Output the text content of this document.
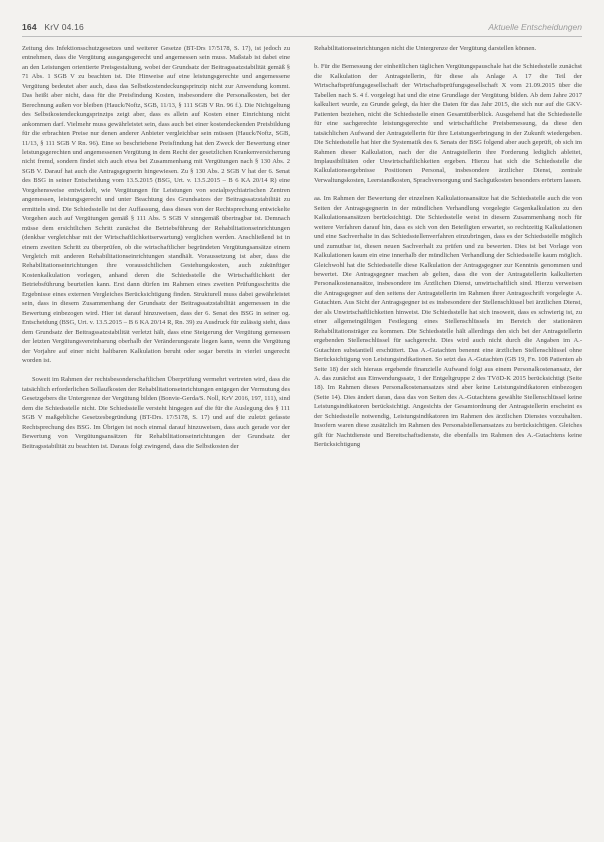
164 KrV 04.16	Aktuelle Entscheidungen

Zeitung des Infektionsschutzgesetzes und weiterer Gesetze (BT-Drs 17/5178, S. 17), ist jedoch zu entnehmen, dass die Vergütung ausgangsgerecht und angemessen sein muss. Maßstab ist dabei eine an den Leistungen orientierte Preisgestaltung, wobei der Grundsatz der Beitragssatzstabilität gemäß § 71 Abs. 1 SGB V zu beachten ist. Die Hinweise auf eine leistungsgerechte und angemessene Vergütung bedeutet aber auch, dass das Selbstkostendeckungsprinzip nicht zur Anwendung kommt. Das heißt aber nicht, dass für die Preisfindung Kosten, insbesondere die Personalkosten, bei der Berechnung außen vor bleiben (Hauck/Noftz, SGB, 11/13, § 111 SGB V Rn. 96 f.). Die Nichtgeltung des Selbstkostendeckungsprinzips zeigt aber, dass es allein auf Kosten einer Einrichtung nicht ankommen darf. Vielmehr muss gewährleistet sein, dass auch bei einer kostendeckenden Preisbildung für die erbrachten Preise nur denen anderer Anbieter vergleichbar sein müssen (Hauck/Noftz, SGB, 11/13, § 111 SGB V Rn. 96). Eine so beschriebene Preisfindung hat den Zweck der Bewertung einer leistungsgerechten und angemessenen Vergütung in dem Recht der gesetzlichen Krankenversicherung nicht fremd, sondern findet sich auch etwa bei Zusammenhang mit Vergütungen nach § 130 Abs. 2 SGB V. Darauf hat auch die Antragsgegnerin hingewiesen. Zu § 130 Abs. 2 SGB V hat der 6. Senat des BSG in seiner Entscheidung vom 13.5.2015 (BSG, Urt. v. 13.5.2015 – B 6 KA 20/14 R) eine Vorgehensweise entwickelt, wie Vergütungen für Leistungen von sozialpsychiatrischen Zentren angemessen, leistungsgerecht und unter Beachtung des Grundsatzes der Beitragssatzstabilität zu ermitteln sind. Die Schiedsstelle ist der Auffassung, dass dieses von der Rechtsprechung entwickelte Vorgehen auch auf Vergütungen gemäß § 111 Abs. 5 SGB V sinngemäß übertragbar ist. Demnach müsse dem ersichtlichen Schritt zunächst die Betriebsführung der Rehabilitationseinrichtungen (denkbar vergleichbar mit der Wirtschaftlichkeitserwartung) verglichen werden. Anschließend ist in einem zweiten Schritt zu überprüfen, ob die wirtschaftlicher begründeten Vergütungsansätze einem Vergleich mit anderen Rehabilitationseinrichtungen standhält. Voraussetzung ist aber, dass die Rehabilitationseinrichtungen ihre voraussichtlichen Gestehungskosten, auch zukünftiger Kostenkalkulation vorlegen, anhand deren die Schiedsstelle die Wirtschaftlichkeit der Betriebsführung beurteilen kann. Erst dann dürfen im Rahmen eines zweiten Prüfungsschritts die Ergebnisse eines externen Vergleiches Berücksichtigung finden. Strukturell muss dabei gewährleistet sein, dass in diesem Zusammenhang der Grundsatz der Beitragssatzstabilität angemessen in die Bewertung einbezogen wird. Hier ist darauf hinzuweisen, dass der 6. Senat des BSG in seiner og. Entscheidung (BSG, Urt. v. 13.5.2015 – B 6 KA 20/14 R, Rn. 39) zu Ausdruck für zulässig sieht, dass dem Grundsatz der Beitragssatzstabilität verletzt hält, dass eine Steigerung der Vergütung gemessen der letzten Vergütungsvereinbarung oberhalb der Veränderungsrate liegen kann, wenn die Vergütung der Vorjahre auf einer nicht haltbaren Kalkulation beruht oder sogar bereits in vierlei ungerecht worden ist.

Soweit im Rahmen der rechtsbesonderschaftlichen Überprüfung vermehrt vertreten wird, dass die tatsächlich erforderlichen Sollaufkosten der Rehabilitationseinrichtungen entgegen der Vermutung des Gesetzgebers die Untergrenze der Vergütung bilden (Bonvie-Gerda/S. Noll, KrV 2016, 197, 111), sind dem die Schiedsstelle nicht. Die Schiedsstelle versteht hingegen auf die für die Auslegung des § 111 SGB V maßgebliche Gesetzesbegründung (BT-Drs. 17/5178, S. 17) und auf die zuletzt gefasste Rechtsprechung des BSG. Im Übrigen ist noch einmal darauf hinzuweisen, dass auch gerade vor der Bewertung von Vergütungsansätzen für Rehabilitationseinrichtungen der Grundsatz der Beitragsstabilität zu beachten ist. Daraus folgt zwingend, dass die Selbstkosten der

Rehabilitationseinrichtungen nicht die Untergrenze der Vergütung darstellen können.

b. Für die Bemessung der einheitlichen täglichen Vergütungspauschale hat die Schiedsstelle zunächst die Kalkulation der Antragstellerin, für diese als Anlage A 17 die Teil der Wirtschaftsprüfungsgesellschaft der Wirtschaftsprüfungsgesellschaft X vom 21.09.2015 über die Tabellen nach S. 4 f. vorgelegt hat und die eine Grundlage der Vergütung bilden. Ab dem Jahre 2017 kalkuliert wurde, zu Grunde gelegt, da hier die Daten für das Jahr 2015, die sich nur auf die GKV-Patienten beziehen, nicht die Schiedsstelle einen Gesamtüberblick. Ausgehend hat die Schiedsstelle für eine sachgerechte leistungsgerechte und wirtschaftliche Preisbemessung, da diese den tatsächlichen Aufwand der Antragstellerin für ihre Leistungserbringung in der Zukunft wiedergeben. Die Schiedsstelle hat hier die Systematik des 6. Senats der BSG folgend aber auch geprüft, ob sich im Rahmen dieser Kalkulation, nach der die Antragstellerin ihre Forderung lediglich ableitet, Implausibilitäten oder Unwirtschaftlichkeiten ergeben. Hierzu hat sich die Schiedsstelle die Kalkulationsergebnisse Positionen Personal, insbesondere ärztlicher Dienst, zentrale Verwaltungskosten, Leerstandkosten, Sprachversorgung und Sachgutkosten besonders erörtern lassen.

aa. Im Rahmen der Bewertung der einzelnen Kalkulationsansätze hat die Schiedsstelle auch die von Seiten der Antragsgegnerin in der mündlichen Verhandlung vorgelegte Gegenkalkulation zu den Kalkulationsansätzen berücksichtigt. Die Schiedsstelle weist in diesem Zusammenhang noch für weitere Verfahren darauf hin, dass es sich von den Beteiligten erwartet, so rechtzeitig Kalkulationen und eine Sachverhalte in das Schiedsstellenverfahren einzubringen, dass es der Schiedsstelle möglich und zumutbar ist, diesen neuen Sachverhalt zu prüfen und zu bewerten. Dies ist bei Vorlage von Kalkulationen kaum ein eine innerhalb der mündlichen Verhandlung der Schiedsstelle kaum möglich. Gleichwohl hat die Schiedsstelle diese Kalkulation der Antragsgegner zur Kenntnis genommen und bewertet. Die Antragsgegner machen ab gelten, dass die von der Antragstellerin kalkulierten Personalkostenansätze, insbesondere im Ärztlichen Dienst, unwirtschaftlich sind. Hierzu verweisen die Antragsgegner auf den seitens der Antragstellerin im Rahmen ihrer Antragsschrift vorgelegte A. Gutachten. Aus Sicht der Antragsgegner ist es insbesondere der Stellenschlüssel bei ärztlichen Dienst, der als Unwirtschaftlichkeiten hinweist. Die Schiedsstelle hat sich insoweit, dass es schwierig ist, zu einer allgemeingültigen Festlegung eines Stellenschlüssels im Bereich der stationären Rehabilitationsträger zu kommen. Die Schiedsstelle hält allerdings den sich bei der Antragstellerin ergebenden Stellenschlüssel für sachgerecht. Dies wird auch nicht durch die Angaben im A.-Gutachten substantiell erschüttert. Das A.-Gutachten benennt eine ärztlichen Stellenschlüssel ohne Berücksichtigung von Leistungsindikationen. So setzt das A.-Gutachten (GB 19, Fn. 108 Patienten ab Seite 18) der sich hieraus ergebende finanzielle Aufwand folgt aus einem Personalkostenansatz, der A. das zunächst aus Einwendungssatz, 1 der Entgeltgruppe 2 des TVöD-K 2015 berücksichtigt (Seite 18). Im Rahmen dieses Personalkostenansatzes sind aber keine Leistungsindikatoren einbezogen (Seite 14). Dies ändert daran, dass das von Seiten des A.-Gutachtens gewählte Stellenschlüssel keine Leistungsindikatoren berücksichtigt. Angesichts der Gesamtordnung der Antragstellerin erscheint es der Schiedsstelle notwendig, Leistungsindikatoren im Rahmen des ärztlichen Dienstes vorzuhalten. Insofern waren diese zusätzlich im Rahmen des Personalstellenansatzes zu berücksichtigen. Gleiches gilt für Nachtdienste und Bereitschaftsdienste, die ebenfalls im Rahmen des A.-Gutachtens keine Berücksichtigung
